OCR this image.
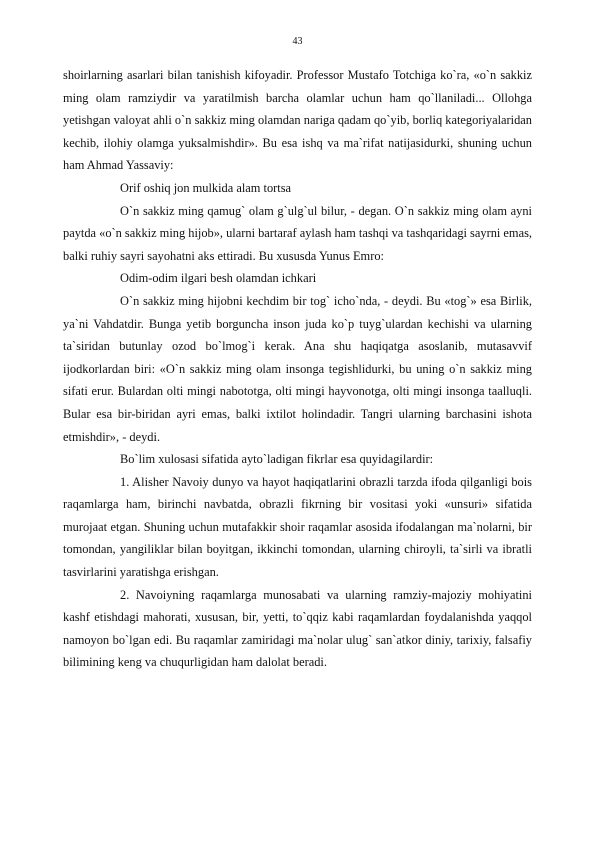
43

shoirlarning asarlari bilan tanishish kifoyadir. Professor Mustafo Totchiga ko`ra, «o`n sakkiz ming olam ramziydir va yaratilmish barcha olamlar uchun ham qo`llaniladi... Ollohga yetishgan valoyat ahli o`n sakkiz ming olamdan nariga qadam qo`yib, borliq kategoriyalaridan kechib, ilohiy olamga yuksalmishdir». Bu esa ishq va ma`rifat natijasidurki, shuning uchun ham Ahmad Yassaviy:

Orif oshiq jon mulkida alam tortsa

O`n sakkiz ming qamug` olam g`ulg`ul bilur, - degan. O`n sakkiz ming olam ayni paytda «o`n sakkiz ming hijob», ularni bartaraf aylash ham tashqi va tashqaridagi sayrni emas, balki ruhiy sayri sayohatni aks ettiradi. Bu xususda Yunus Emro:

Odim-odim ilgari besh olamdan ichkari

O`n sakkiz ming hijobni kechdim bir tog` icho`nda, - deydi. Bu «tog`» esa Birlik, ya`ni Vahdatdir. Bunga yetib borguncha inson juda ko`p tuyg`ulardan kechishi va ularning ta`siridan butunlay ozod bo`lmog`i kerak. Ana shu haqiqatga asoslanib, mutasavvif ijodkorlardan biri: «O`n sakkiz ming olam insonga tegishlidurki, bu uning o`n sakkiz ming sifati erur. Bulardan olti mingi nabototga, olti mingi hayvonotga, olti mingi insonga taalluqli. Bular esa bir-biridan ayri emas, balki ixtilot holindadir. Tangri ularning barchasini ishota etmishdir», - deydi.

Bo`lim xulosasi sifatida ayto`ladigan fikrlar esa quyidagilardir:

1. Alisher Navoiy dunyo va hayot haqiqatlarini obrazli tarzda ifoda qilganligi bois raqamlarga ham, birinchi navbatda, obrazli fikrning bir vositasi yoki «unsuri» sifatida murojaat etgan. Shuning uchun mutafakkir shoir raqamlar asosida ifodalangan ma`nolarni, bir tomondan, yangiliklar bilan boyitgan, ikkinchi tomondan, ularning chiroyli, ta`sirli va ibratli tasvirlarini yaratishga erishgan.

2. Navoiyning raqamlarga munosabati va ularning ramziy-majoziy mohiyatini kashf etishdagi mahorati, xususan, bir, yetti, to`qqiz kabi raqamlardan foydalanishda yaqqol namoyon bo`lgan edi. Bu raqamlar zamiridagi ma`nolar ulug` san`atkor diniy, tarixiy, falsafiy bilimining keng va chuqurligidan ham dalolat beradi.
